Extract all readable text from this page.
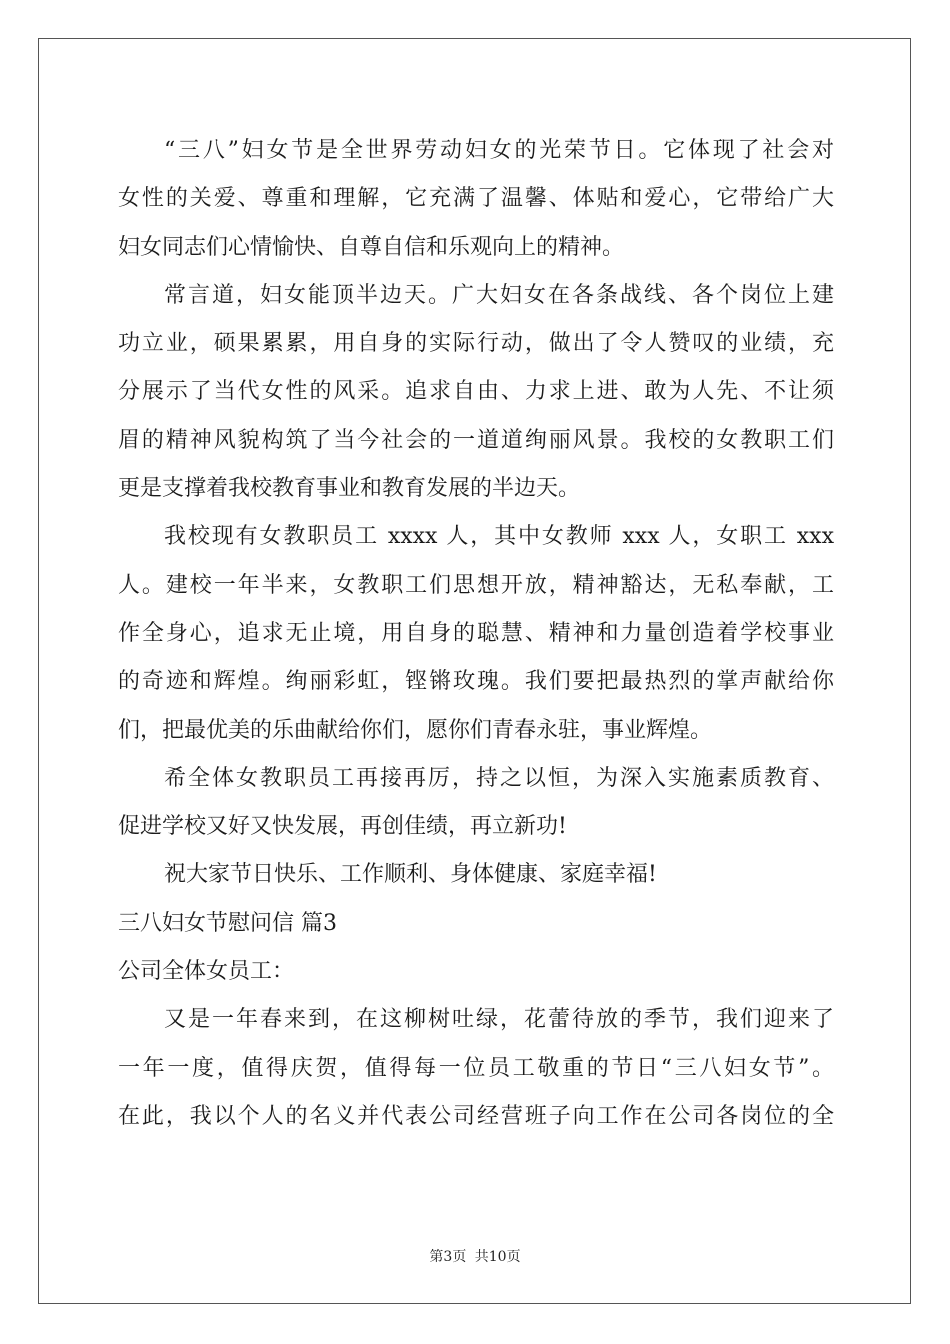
“三八”妇女节是全世界劳动妇女的光荣节日。它体现了社会对
女性的关爱、尊重和理解，它充满了温馨、体贴和爱心，它带给广大
妇女同志们心情愉快、自尊自信和乐观向上的精神。
常言道，妇女能顶半边天。广大妇女在各条战线、各个岗位上建
功立业，硕果累累，用自身的实际行动，做出了令人赞叹的业绩，充
分展示了当代女性的风采。追求自由、力求上进、敢为人先、不让须
眉的精神风貌构筑了当今社会的一道道绚丽风景。我校的女教职工们
更是支撑着我校教育事业和教育发展的半边天。
我校现有女教职员工 xxxx 人，其中女教师 xxx 人，女职工 xxx
人。建校一年半来，女教职工们思想开放，精神豁达，无私奉献，工
作全身心，追求无止境，用自身的聪慧、精神和力量创造着学校事业
的奇迹和辉煌。绚丽彩虹，铿锵玫瑰。我们要把最热烈的掌声献给你
们，把最优美的乐曲献给你们，愿你们青春永驻，事业辉煌。
希全体女教职员工再接再厉，持之以恒，为深入实施素质教育、
促进学校又好又快发展，再创佳绩，再立新功!
祝大家节日快乐、工作顺利、身体健康、家庭幸福!
三八妇女节慰问信 篇3
公司全体女员工：
又是一年春来到，在这柳树吐绿，花蕾待放的季节，我们迎来了
一年一度，值得庆贺，值得每一位员工敬重的节日“三八妇女节”。
在此，我以个人的名义并代表公司经营班子向工作在公司各岗位的全
第3页 共10页
